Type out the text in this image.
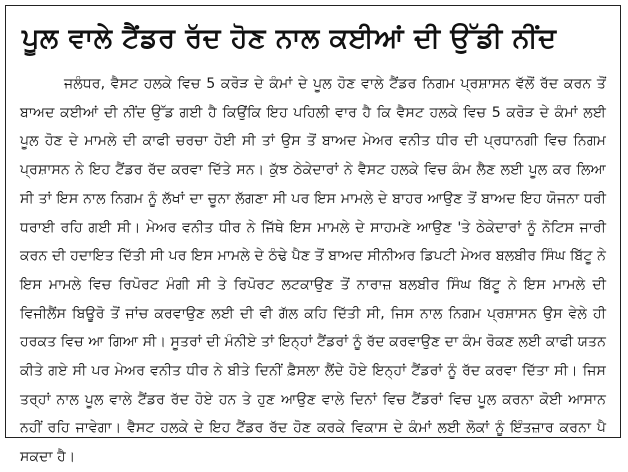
ਪੂਲ ਵਾਲੇ ਟੈਂਡਰ ਰੱਦ ਹੋਣ ਨਾਲ ਕਈਆਂ ਦੀ ਉੱਡੀ ਨੀਂਦ
ਜਲੰਧਰ, ਵੈਸਟ ਹਲਕੇ ਵਿਚ 5 ਕਰੋੜ ਦੇ ਕੰਮਾਂ ਦੇ ਪੂਲ ਹੋਣ ਵਾਲੇ ਟੈਂਡਰ ਨਿਗਮ ਪ੍ਰਸ਼ਾਸਨ ਵੱਲੋਂ ਰੱਦ ਕਰਨ ਤੋਂ ਬਾਅਦ ਕਈਆਂ ਦੀ ਨੀਂਦ ਉੱਡ ਗਈ ਹੈ ਕਿਉਂਕਿ ਇਹ ਪਹਿਲੀ ਵਾਰ ਹੈ ਕਿ ਵੈਸਟ ਹਲਕੇ ਵਿਚ 5 ਕਰੋੜ ਦੇ ਕੰਮਾਂ ਲਈ ਪੂਲ ਹੋਣ ਦੇ ਮਾਮਲੇ ਦੀ ਕਾਫੀ ਚਰਚਾ ਹੋਈ ਸੀ ਤਾਂ ਉਸ ਤੋਂ ਬਾਅਦ ਮੇਅਰ ਵਨੀਤ ਧੀਰ ਦੀ ਪ੍ਰਧਾਨਗੀ ਵਿਚ ਨਿਗਮ ਪ੍ਰਸ਼ਾਸਨ ਨੇ ਇਹ ਟੈਂਡਰ ਰੱਦ ਕਰਵਾ ਦਿੱਤੇ ਸਨ। ਕੁੱਝ ਠੇਕੇਦਾਰਾਂ ਨੇ ਵੈਸਟ ਹਲਕੇ ਵਿਚ ਕੰਮ ਲੈਣ ਲਈ ਪੂਲ ਕਰ ਲਿਆ ਸੀ ਤਾਂ ਇਸ ਨਾਲ ਨਿਗਮ ਨੂੰ ਲੱਖਾਂ ਦਾ ਚੂਨਾ ਲੱਗਣਾ ਸੀ ਪਰ ਇਸ ਮਾਮਲੇ ਦੇ ਬਾਹਰ ਆਉਣ ਤੋਂ ਬਾਅਦ ਇਹ ਯੋਜਨਾ ਧਰੀ ਧਰਾਈ ਰਹਿ ਗਈ ਸੀ। ਮੇਅਰ ਵਨੀਤ ਧੀਰ ਨੇ ਜਿੱਥੇ ਇਸ ਮਾਮਲੇ ਦੇ ਸਾਹਮਣੇ ਆਉਣ 'ਤੇ ਠੇਕੇਦਾਰਾਂ ਨੂੰ ਨੋਟਿਸ ਜਾਰੀ ਕਰਨ ਦੀ ਹਦਾਇਤ ਦਿੱਤੀ ਸੀ ਪਰ ਇਸ ਮਾਮਲੇ ਦੇ ਠੰਢੇ ਪੈਣ ਤੋਂ ਬਾਅਦ ਸੀਨੀਅਰ ਡਿਪਟੀ ਮੇਅਰ ਬਲਬੀਰ ਸਿੰਘ ਬਿੱਟੂ ਨੇ ਇਸ ਮਾਮਲੇ ਵਿਚ ਰਿਪੋਰਟ ਮੰਗੀ ਸੀ ਤੇ ਰਿਪੋਰਟ ਲਟਕਾਉਣ ਤੋਂ ਨਾਰਾਜ਼ ਬਲਬੀਰ ਸਿੰਘ ਬਿੱਟੂ ਨੇ ਇਸ ਮਾਮਲੇ ਦੀ ਵਿਜੀਲੈਂਸ ਬਿਊਰੋ ਤੋਂ ਜਾਂਚ ਕਰਵਾਉਣ ਲਈ ਦੀ ਵੀ ਗੱਲ ਕਹਿ ਦਿੱਤੀ ਸੀ, ਜਿਸ ਨਾਲ ਨਿਗਮ ਪ੍ਰਸ਼ਾਸਨ ਉਸ ਵੇਲੇ ਹੀ ਹਰਕਤ ਵਿਚ ਆ ਗਿਆ ਸੀ। ਸੂਤਰਾਂ ਦੀ ਮੰਨੀਏ ਤਾਂ ਇਨ੍ਹਾਂ ਟੈਂਡਰਾਂ ਨੂੰ ਰੱਦ ਕਰਵਾਉਣ ਦਾ ਕੰਮ ਰੋਕਣ ਲਈ ਕਾਫੀ ਯਤਨ ਕੀਤੇ ਗਏ ਸੀ ਪਰ ਮੇਅਰ ਵਨੀਤ ਧੀਰ ਨੇ ਬੀਤੇ ਦਿਨੀਂ ਫ਼ੈਸਲਾ ਲੈਂਦੇ ਹੋਏ ਇਨ੍ਹਾਂ ਟੈਂਡਰਾਂ ਨੂੰ ਰੱਦ ਕਰਵਾ ਦਿੱਤਾ ਸੀ। ਜਿਸ ਤਰ੍ਹਾਂ ਨਾਲ ਪੂਲ ਵਾਲੇ ਟੈਂਡਰ ਰੱਦ ਹੋਏ ਹਨ ਤੇ ਹੁਣ ਆਉਣ ਵਾਲੇ ਦਿਨਾਂ ਵਿਚ ਟੈਂਡਰਾਂ ਵਿਚ ਪੂਲ ਕਰਨਾ ਕੋਈ ਆਸਾਨ ਨਹੀਂ ਰਹਿ ਜਾਵੇਗਾ। ਵੈਸਟ ਹਲਕੇ ਦੇ ਇਹ ਟੈਂਡਰ ਰੱਦ ਹੋਣ ਕਰਕੇ ਵਿਕਾਸ ਦੇ ਕੰਮਾਂ ਲਈ ਲੋਕਾਂ ਨੂੰ ਇੰਤਜ਼ਾਰ ਕਰਨਾ ਪੈ ਸਕਦਾ ਹੈ।
